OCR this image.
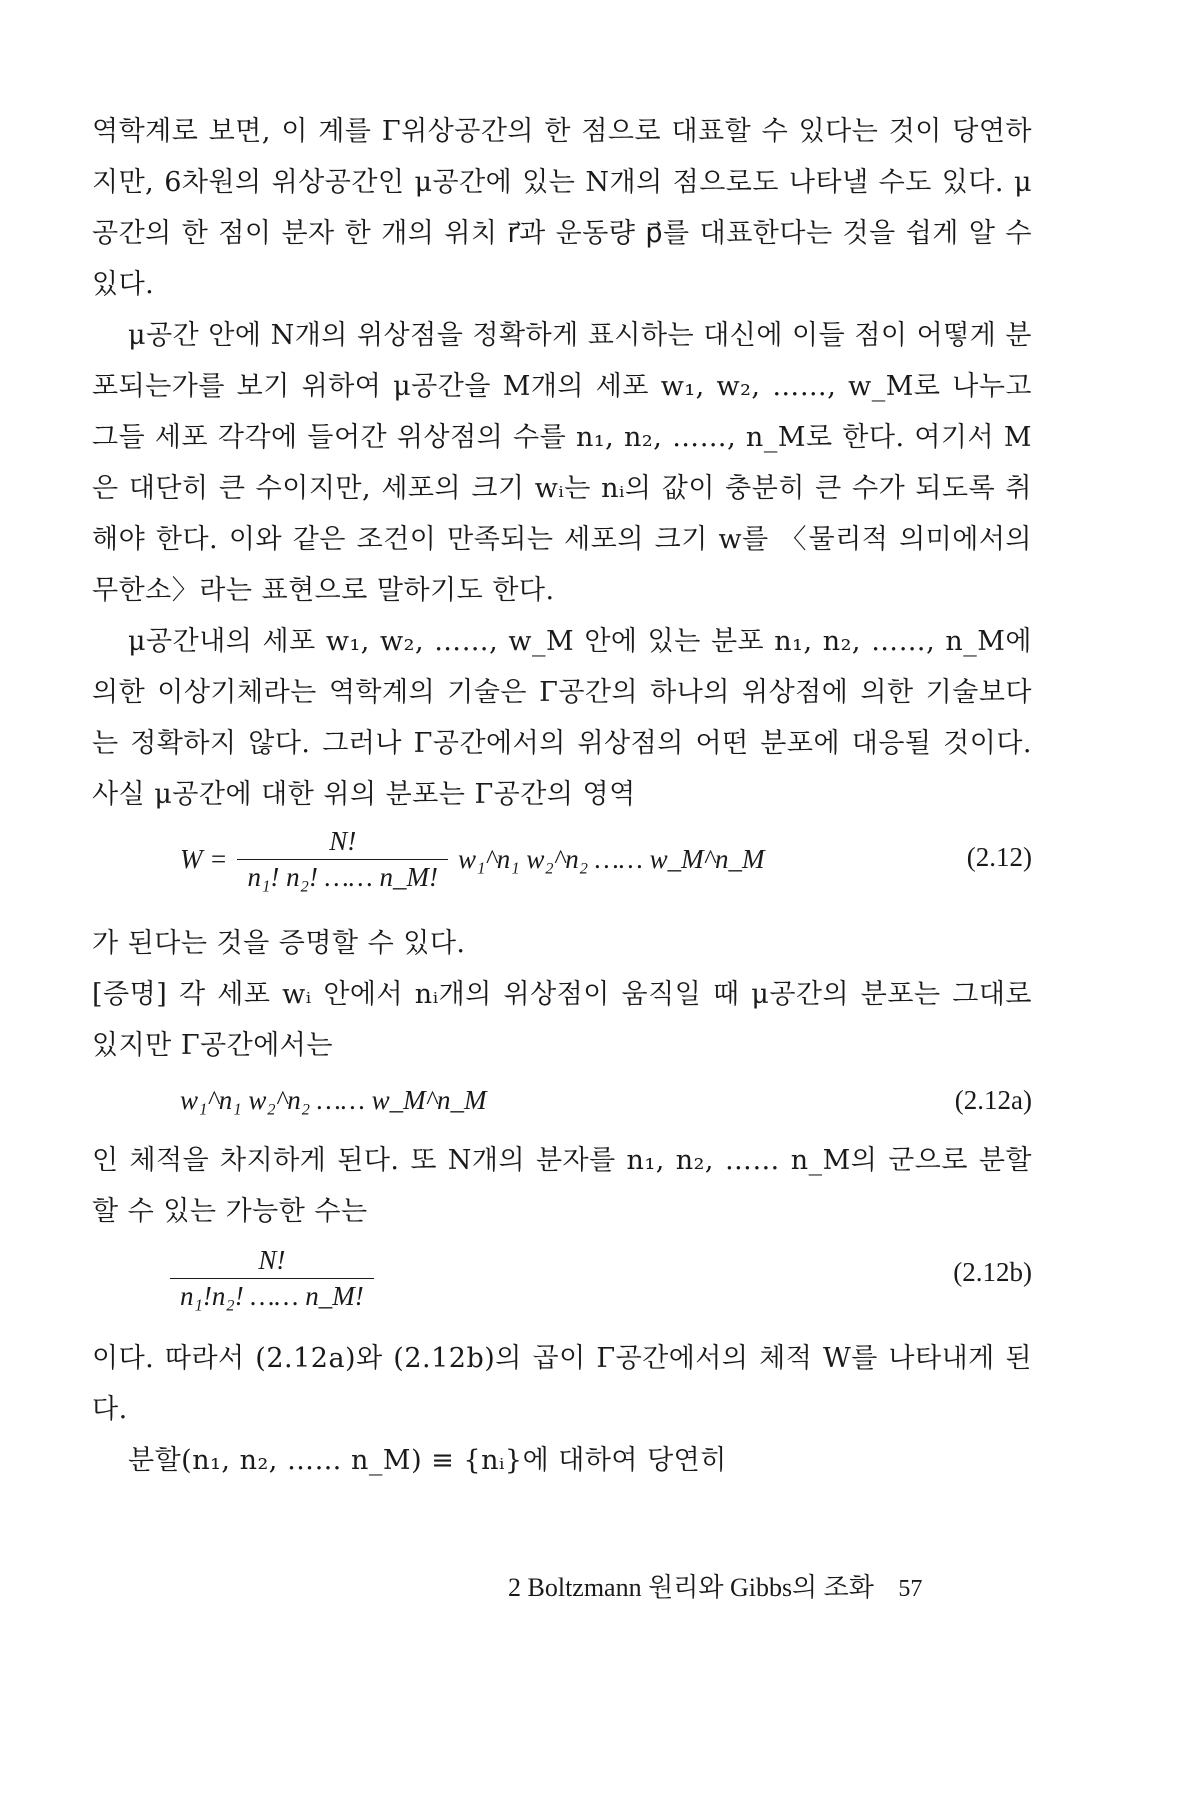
역학계로 보면, 이 계를 Γ위상공간의 한 점으로 대표할 수 있다는 것이 당연하지만, 6차원의 위상공간인 μ공간에 있는 N개의 점으로도 나타낼 수도 있다. μ공간의 한 점이 분자 한 개의 위치 r⃗과 운동량 p⃗를 대표한다는 것을 쉽게 알 수 있다.

μ공간 안에 N개의 위상점을 정확하게 표시하는 대신에 이들 점이 어떻게 분포되는가를 보기 위하여 μ공간을 M개의 세포 w₁, w₂, ……, w_M로 나누고 그들 세포 각각에 들어간 위상점의 수를 n₁, n₂, ……, n_M로 한다. 여기서 M은 대단히 큰 수이지만, 세포의 크기 wᵢ는 nᵢ의 값이 충분히 큰 수가 되도록 취해야 한다. 이와 같은 조건이 만족되는 세포의 크기 w를 〈물리적 의미에서의 무한소〉라는 표현으로 말하기도 한다.

μ공간내의 세포 w₁, w₂, ……, w_M 안에 있는 분포 n₁, n₂, ……, n_M에 의한 이상기체라는 역학계의 기술은 Γ공간의 하나의 위상점에 의한 기술보다는 정확하지 않다. 그러나 Γ공간에서의 위상점의 어떤 분포에 대응될 것이다. 사실 μ공간에 대한 위의 분포는 Γ공간의 영역

$W = \frac{N!}{\text{n₁! n₂! …… n\_M!}}$ w₁^n₁ w₂^n₂ …… w_M^n_M	(2.12)

가 된다는 것을 증명할 수 있다.

[증명] 각 세포 wᵢ 안에서 nᵢ개의 위상점이 움직일 때 μ공간의 분포는 그대로 있지만 Γ공간에서는

w₁^n₁ w₂^n₂ …… w_M^n_M	(2.12a)

인 체적을 차지하게 된다. 또 N개의 분자를 n₁, n₂, …… n_M의 군으로 분할할 수 있는 가능한 수는

$\frac{N!}{\text{n₁!n₂! …… n\_M!}}$	(2.12b)

이다. 따라서 (2.12a)와 (2.12b)의 곱이 Γ공간에서의 체적 W를 나타내게 된다.

분할(n₁, n₂, …… n_M) ≡ {nᵢ}에 대하여 당연히

2 Boltzmann 원리와 Gibbs의 조화 57
